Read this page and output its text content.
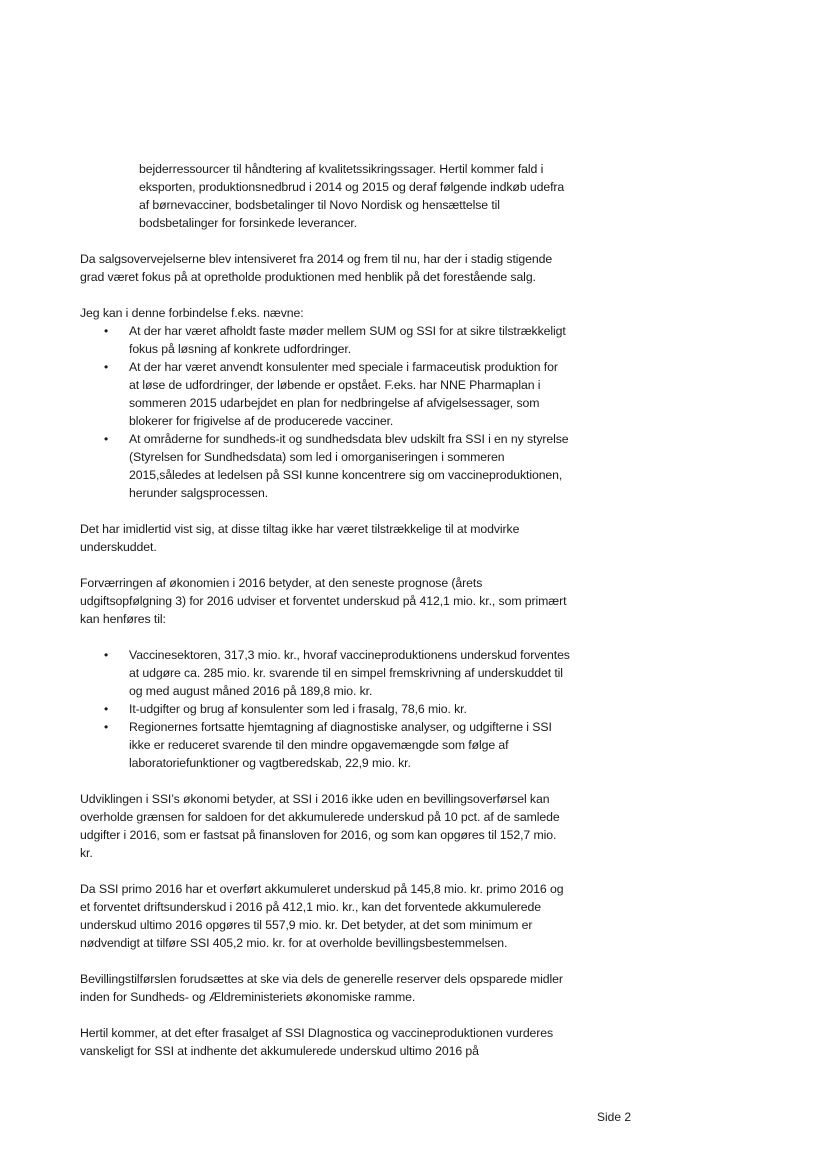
bejderressourcer til håndtering af kvalitetssikringssager. Hertil kommer fald i eksporten, produktionsnedbrud i 2014 og 2015 og deraf følgende indkøb udefra af børnevacciner, bodsbetalinger til Novo Nordisk og hensættelse til bodsbetalinger for forsinkede leverancer.

Da salgsovervejelserne blev intensiveret fra 2014 og frem til nu, har der i stadig stigende grad været fokus på at opretholde produktionen med henblik på det forestående salg.

Jeg kan i denne forbindelse f.eks. nævne:

• At der har været afholdt faste møder mellem SUM og SSI for at sikre tilstrækkeligt fokus på løsning af konkrete udfordringer.
• At der har været anvendt konsulenter med speciale i farmaceutisk produktion for at løse de udfordringer, der løbende er opstået. F.eks. har NNE Pharmaplan i sommeren 2015 udarbejdet en plan for nedbringelse af afvigelsessager, som blokerer for frigivelse af de producerede vacciner.
• At områderne for sundheds-it og sundhedsdata blev udskilt fra SSI i en ny styrelse (Styrelsen for Sundhedsdata) som led i omorganiseringen i sommeren 2015,således at ledelsen på SSI kunne koncentrere sig om vaccineproduktionen, herunder salgsprocessen.

Det har imidlertid vist sig, at disse tiltag ikke har været tilstrækkelige til at modvirke underskuddet.

Forværringen af økonomien i 2016 betyder, at den seneste prognose (årets udgiftsopfølgning 3) for 2016 udviser et forventet underskud på 412,1 mio. kr., som primært kan henføres til:

• Vaccinesektoren, 317,3 mio. kr., hvoraf vaccineproduktionens underskud forventes at udgøre ca. 285 mio. kr. svarende til en simpel fremskrivning af underskuddet til og med august måned 2016 på 189,8 mio. kr.
• It-udgifter og brug af konsulenter som led i frasalg, 78,6 mio. kr.
• Regionernes fortsatte hjemtagning af diagnostiske analyser, og udgifterne i SSI ikke er reduceret svarende til den mindre opgavemængde som følge af laboratoriefunktioner og vagtberedskab, 22,9 mio. kr.

Udviklingen i SSI’s økonomi betyder, at SSI i 2016 ikke uden en bevillingsoverførsel kan overholde grænsen for saldoen for det akkumulerede underskud på 10 pct. af de samlede udgifter i 2016, som er fastsat på finansloven for 2016, og som kan opgøres til 152,7 mio. kr.

Da SSI primo 2016 har et overført akkumuleret underskud på 145,8 mio. kr. primo 2016 og et forventet driftsunderskud i 2016 på 412,1 mio. kr., kan det forventede akkumulerede underskud ultimo 2016 opgøres til 557,9 mio. kr. Det betyder, at det som minimum er nødvendigt at tilføre SSI 405,2 mio. kr. for at overholde bevillingsbestemmelsen.

Bevillingstilførslen forudsættes at ske via dels de generelle reserver dels opsparede midler inden for Sundheds- og Ældreministeriets økonomiske ramme.

Hertil kommer, at det efter frasalget af SSI DIagnostica og vaccineproduktionen vurderes vanskeligt for SSI at indhente det akkumulerede underskud ultimo 2016 på

Side 2
